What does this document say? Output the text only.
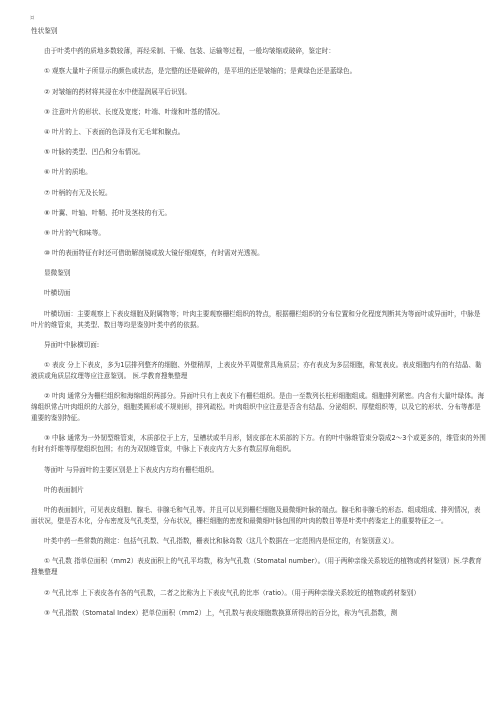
¤

性状鉴别

由于叶类中药的质地多数较薄，再经采制、干燥、包装、运输等过程，一般均皱缩或破碎，鉴定时：

① 观察大量叶子所显示的颜色或状态，是完整的还是破碎的，是平坦的还是皱缩的；是黄绿色还是蓝绿色。

② 对皱缩的药材将其浸在水中使湿润展平后识别。

③ 注意叶片的形状、长度及宽度；叶端、叶缘和叶基的情况。

④ 叶片的上、下表面的色泽及有无毛茸和腺点。

⑤ 叶脉的类型、凹凸和分布情况。

⑥ 叶片的质地。

⑦ 叶柄的有无及长短。

⑧ 叶翼、叶轴、叶鞘、托叶及茎枝的有无。

⑨ 叶片的气和味等。

⑩ 叶的表面特征有时还可借助解剖镜或放大镜仔细观察，有时需对光透视。

显微鉴别

叶横切面

叶横切面：主要观察上下表皮细胞及附属物等；叶肉主要观察栅栏组织的特点，根据栅栏组织的分布位置和分化程度判断其为等面叶或异面叶，中脉是叶片的维管束，其类型、数目等均是鉴别叶类中药的依据。

异面叶中脉横切面:

① 表皮 分上下表皮，多为1层排列整齐的细胞、外壁稍厚，上表皮外平周壁常具角质层；亦有表皮为多层细胞，称复表皮。表皮细胞内有的有结晶、黏液质或角质层纹理等应注意鉴别。 医.学教育搜集整理

② 叶肉 通常分为栅栏组织和海绵组织两部分。异面叶只有上表皮下有栅栏组织。是由一至数列长柱形细胞组成。细胞排列紧密。内含有大量叶绿体。海绵组织常占叶肉组织的大部分，细胞类圆形或不规则形，排列疏松。叶肉组织中应注意是否含有结晶、分泌组织、厚壁组织等，以及它的形状、分布等都是重要的鉴别特征。

③ 中脉 通常为一外韧型维管束，木质部位于上方，呈槽状或半月形，韧皮部在木质部的下方。有的叶中脉维管束分裂成2～3个或更多的，维管束的外围有时有纤维等厚壁组织包围；有的为双韧维管束，中脉上下表皮内方大多有数层厚角组织。

等面叶 与异面叶的主要区别是上下表皮内方均有栅栏组织。

叶的表面制片

叶的表面制片，可见表皮细胞、腺毛、非腺毛和气孔等。并且可以见到栅栏细胞及最微细叶脉的端点。腺毛和非腺毛的形态、组成组成、排列情况，表面状况，壁是否木化，分布密度及气孔类型，分布状况，栅栏细胞的密度和最微细叶脉包围的叶肉的数目等是叶类中药鉴定上的重要特征之一。

叶类中药一些常数的测定：包括气孔数、气孔指数，栅表比和脉岛数（这几个数据在一定范围内是恒定的，有鉴别意义）。

① 气孔数 指单位面积（mm2）表皮面积上的气孔平均数，称为气孔数（Stomatal number）。（用于两种亲缘关系较近的植物或药材鉴别）医.学教育搜集整理

② 气孔比率 上下表皮各有各的气孔数，二者之比称为上下表皮气孔的比率（ratio）。（用于两种亲缘关系较近的植物或药材鉴别）

③ 气孔指数（Stomatal Index）把单位面积（mm2）上，气孔数与表皮细胞数换算所得出的百分比，称为气孔指数，测
